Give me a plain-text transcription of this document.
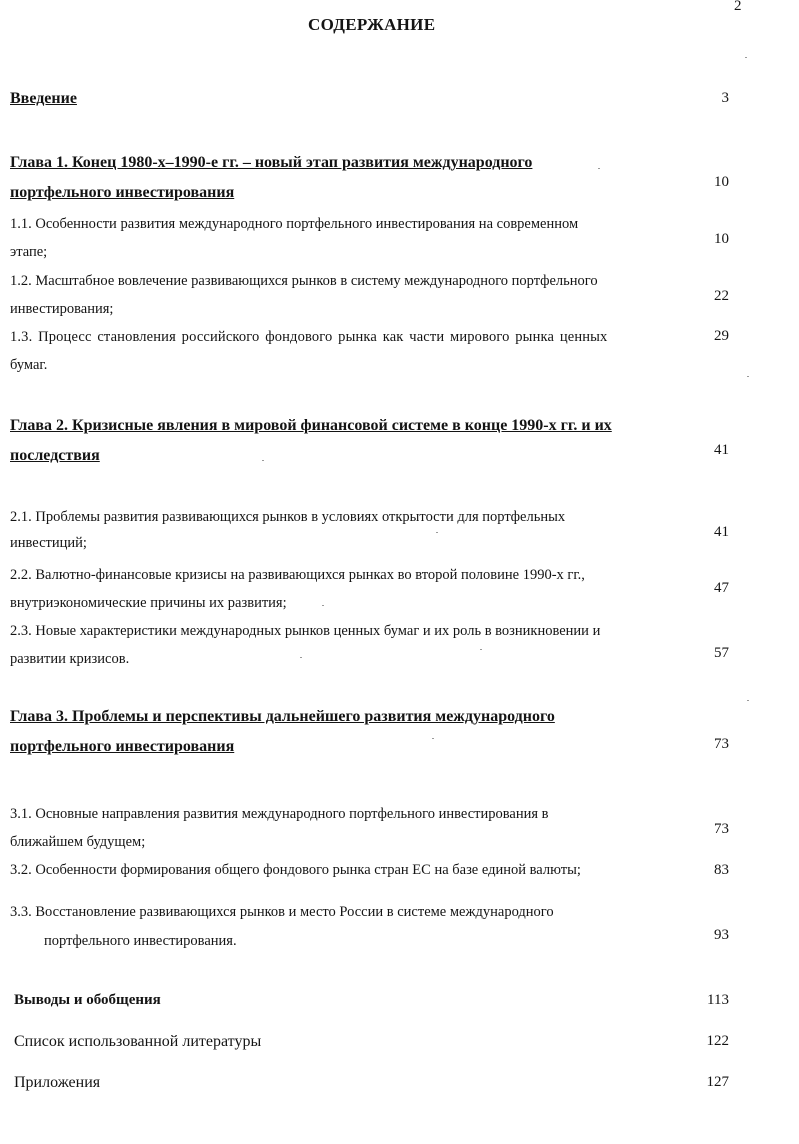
2
СОДЕРЖАНИЕ
Введение	3
Глава 1. Конец 1980-х–1990-е гг. – новый этап развития международного
портфельного инвестирования
10
1.1. Особенности развития международного портфельного инвестирования на современном
этапе;
10
1.2. Масштабное вовлечение развивающихся рынков в систему международного портфельного
инвестирования;
22
1.3. Процесс становления российского фондового рынка как части мирового рынка ценных
бумаг.
29
Глава 2. Кризисные явления в мировой финансовой системе в конце 1990-х гг. и их
последствия	41
2.1. Проблемы развития развивающихся рынков в условиях открытости для портфельных
инвестиций;
41
2.2. Валютно-финансовые кризисы на развивающихся рынках во второй половине 1990-х гг.,
внутриэкономические причины их развития;
47
2.3. Новые характеристики международных рынков ценных бумаг и их роль в возникновении и
развитии кризисов.	57
Глава 3. Проблемы и перспективы дальнейшего развития международного
портфельного инвестирования	73
3.1. Основные направления развития международного портфельного инвестирования в
ближайшем будущем;
73
3.2. Особенности формирования общего фондового рынка стран ЕС на базе единой валюты;	83
3.3. Восстановление развивающихся рынков и место России в системе международного
портфельного инвестирования.	93
Выводы и обобщения	113
Список использованной литературы	122
Приложения	127
